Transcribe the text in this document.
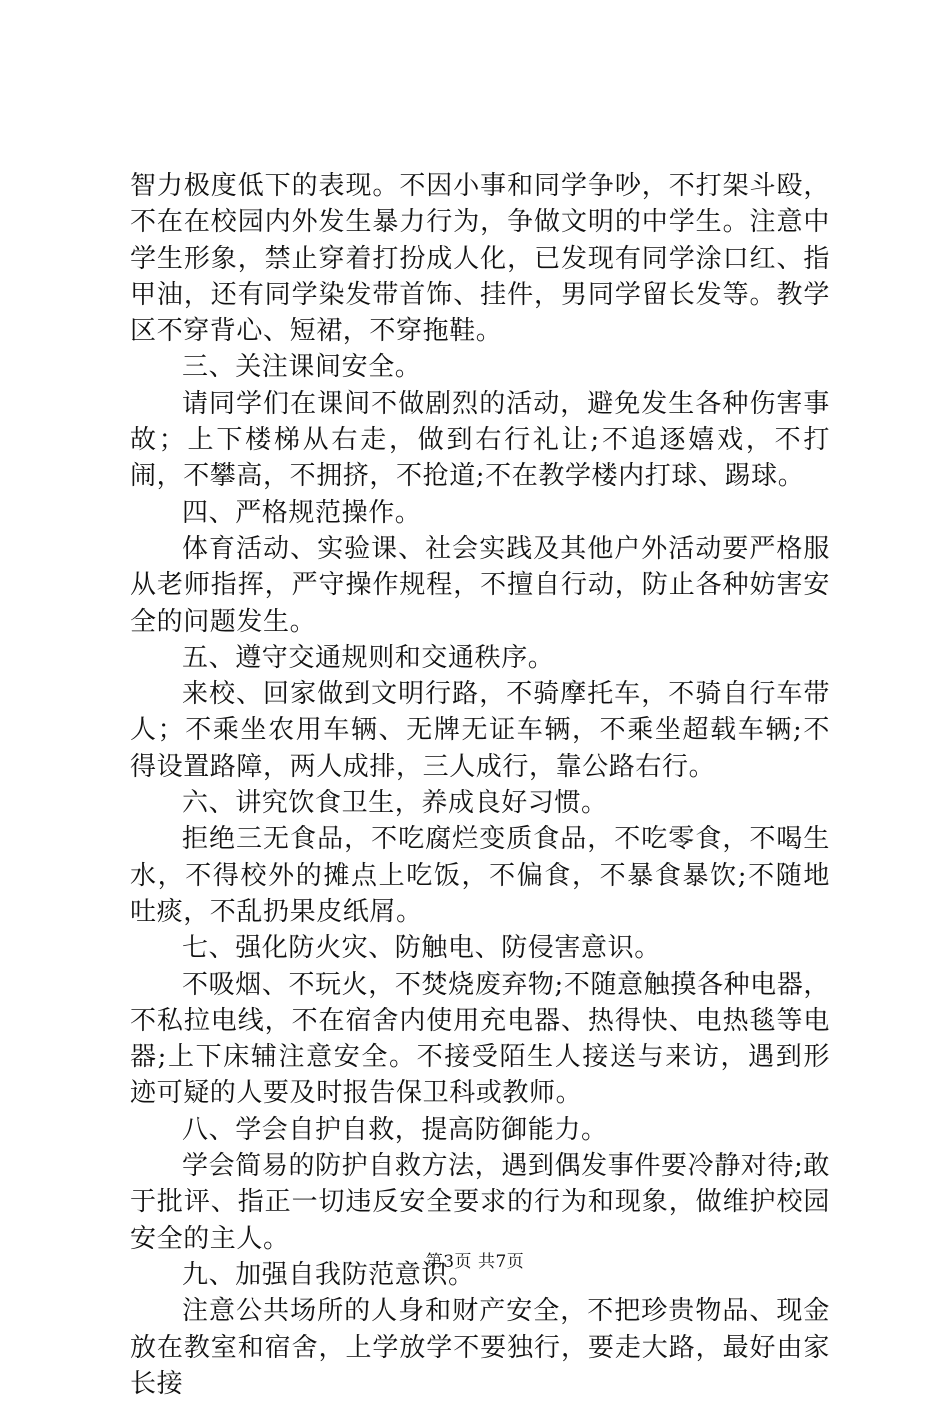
智力极度低下的表现。不因小事和同学争吵，不打架斗殴，不在在校园内外发生暴力行为，争做文明的中学生。注意中学生形象，禁止穿着打扮成人化，已发现有同学涂口红、指甲油，还有同学染发带首饰、挂件，男同学留长发等。教学区不穿背心、短裙，不穿拖鞋。

三、关注课间安全。

请同学们在课间不做剧烈的活动，避免发生各种伤害事故；上下楼梯从右走，做到右行礼让;不追逐嬉戏，不打闹，不攀高，不拥挤，不抢道;不在教学楼内打球、踢球。

四、严格规范操作。

体育活动、实验课、社会实践及其他户外活动要严格服从老师指挥，严守操作规程，不擅自行动，防止各种妨害安全的问题发生。

五、遵守交通规则和交通秩序。

来校、回家做到文明行路，不骑摩托车，不骑自行车带人；不乘坐农用车辆、无牌无证车辆，不乘坐超载车辆;不得设置路障，两人成排，三人成行，靠公路右行。

六、讲究饮食卫生，养成良好习惯。

拒绝三无食品，不吃腐烂变质食品，不吃零食，不喝生水，不得校外的摊点上吃饭，不偏食，不暴食暴饮;不随地吐痰，不乱扔果皮纸屑。

七、强化防火灾、防触电、防侵害意识。

不吸烟、不玩火，不焚烧废弃物;不随意触摸各种电器，不私拉电线，不在宿舍内使用充电器、热得快、电热毯等电器;上下床辅注意安全。不接受陌生人接送与来访，遇到形迹可疑的人要及时报告保卫科或教师。

八、学会自护自救，提高防御能力。

学会简易的防护自救方法，遇到偶发事件要冷静对待;敢于批评、指正一切违反安全要求的行为和现象，做维护校园安全的主人。

九、加强自我防范意识。

注意公共场所的人身和财产安全，不把珍贵物品、现金放在教室和宿舍，上学放学不要独行，要走大路，最好由家长接

第3页 共7页
